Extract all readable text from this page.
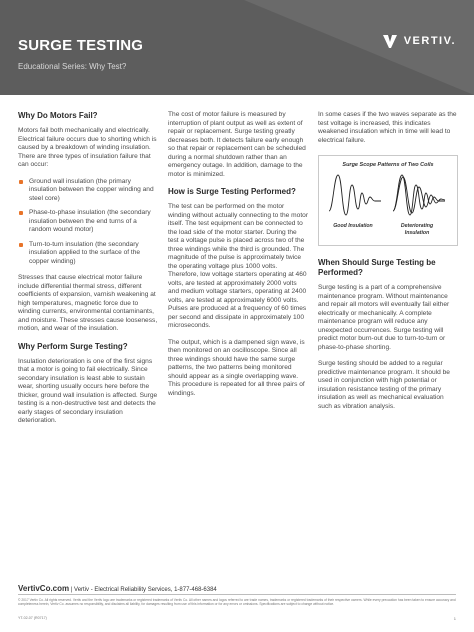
SURGE TESTING
Educational Series: Why Test?
VERTIV.
Why Do Motors Fail?

Motors fail both mechanically and electrically. Electrical failure occurs due to shorting which is caused by a breakdown of winding insulation. There are three types of insulation failure that can occur:

Ground wall insulation (the primary insulation between the copper winding and steel core)
Phase-to-phase insulation (the secondary insulation between the end turns of a random wound motor)
Turn-to-turn insulation (the secondary insulation applied to the surface of the copper winding)

Stresses that cause electrical motor failure include differential thermal stress, different coefficients of expansion, varnish weakening at high temperatures, magnetic force due to winding currents, environmental contaminants, and moisture. These stresses cause looseness, motion, and wear of the insulation.

Why Perform Surge Testing?

Insulation deterioration is one of the first signs that a motor is going to fail electrically. Since secondary insulation is least able to sustain wear, shorting usually occurs here before the thicker, ground wall insulation is affected. Surge testing is a non-destructive test and detects the early stages of secondary insulation deterioration.

The cost of motor failure is measured by interruption of plant output as well as extent of repair or replacement. Surge testing greatly decreases both. It detects failure early enough so that repair or replacement can be scheduled during a normal shutdown rather than an emergency outage. In addition, damage to the motor is minimized.

How is Surge Testing Performed?

The test can be performed on the motor winding without actually connecting to the motor itself. The test equipment can be connected to the load side of the motor starter. During the test a voltage pulse is placed across two of the three windings while the third is grounded. The magnitude of the pulse is approximately twice the operating voltage plus 1000 volts. Therefore, low voltage starters operating at 460 volts, are tested at approximately 2000 volts and medium voltage starters, operating at 2400 volts, are tested at approximately 6000 volts. Pulses are produced at a frequency of 60 times per second and dissipate in approximately 100 microseconds.

The output, which is a dampened sign wave, is then monitored on an oscilloscope. Since all three windings should have the same surge patterns, the two patterns being monitored should appear as a single overlapping wave. This procedure is repeated for all three pairs of windings.

In some cases if the two waves separate as the test voltage is increased, this indicates weakened insulation which in time will lead to electrical failure.

Surge Scope Patterns of Two Coils
Good Insulation	Deteriorating Insulation
When Should Surge Testing be Performed?

Surge testing is a part of a comprehensive maintenance program. Without maintenance and repair all motors will eventually fail either electrically or mechanically. A complete maintenance program will reduce any unexpected occurrences. Surge testing will predict motor burn-out due to turn-to-turn or phase-to-phase shorting.

Surge testing should be added to a regular predictive maintenance program. It should be used in conjunction with high potential or insulation resistance testing of the primary insulation as well as mechanical evaluation such as vibration analysis.

VertivCo.com | Vertiv - Electrical Reliability Services, 1-877-468-6384
© 2017 Vertiv Co. All rights reserved. Vertiv and the Vertiv logo are trademarks or registered trademarks of Vertiv Co. All other names and logos referred to are trade names, trademarks or registered trademarks of their respective owners. While every precaution has been taken to ensure accuracy and completeness herein, Vertiv Co. assumes no responsibility, and disclaims all liability, for damages resulting from use of this information or for any errors or omissions. Specifications are subject to change without notice.
YT-02-07 (R0717)	1
